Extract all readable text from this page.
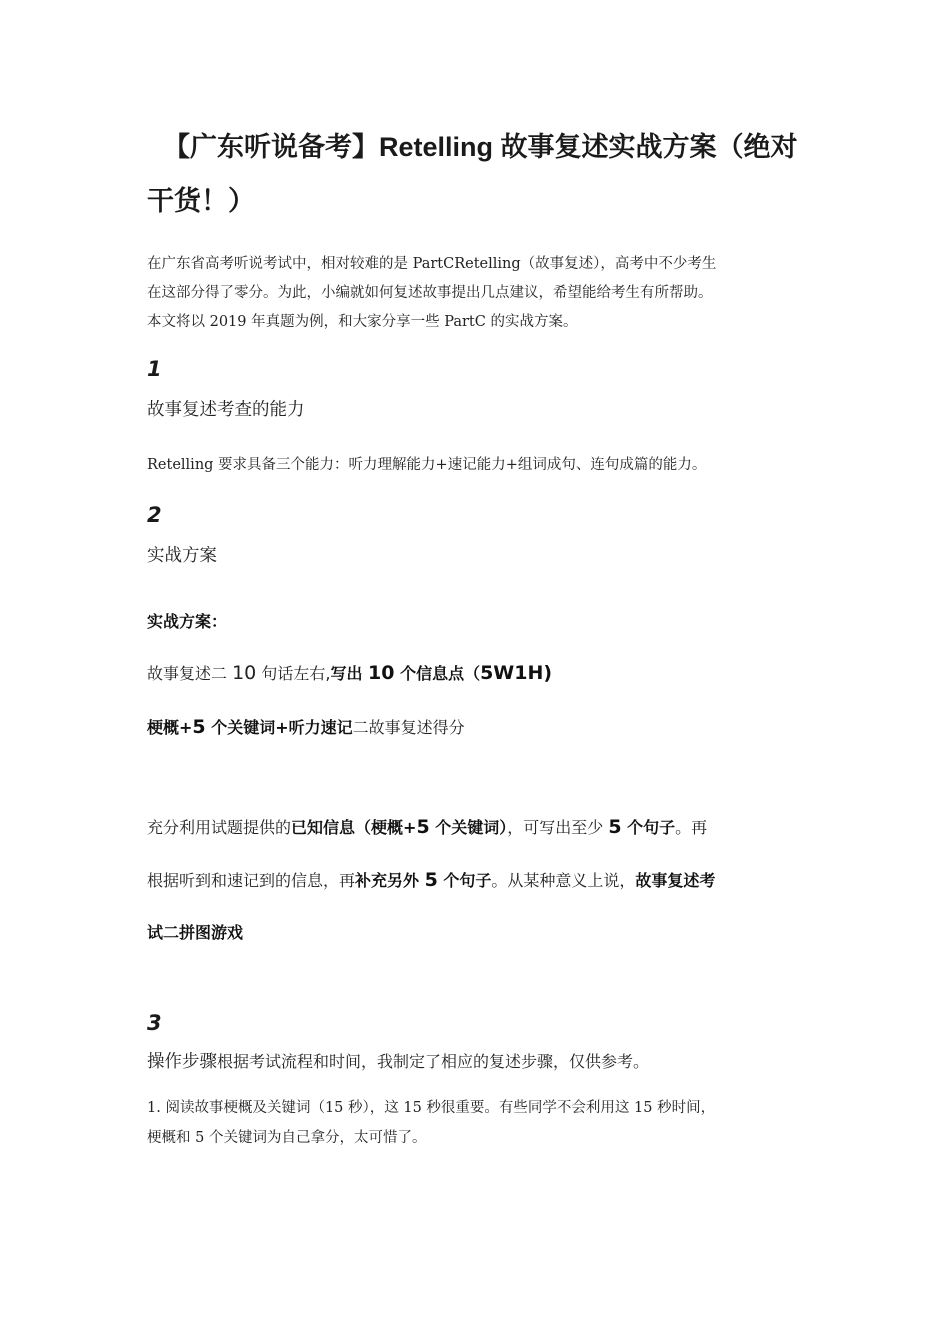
【广东听说备考】Retelling 故事复述实战方案（绝对
干货！）
在广东省高考听说考试中，相对较难的是 PartCRetelling（故事复述），高考中不少考生
在这部分得了零分。为此，小编就如何复述故事提出几点建议，希望能给考生有所帮助。
本文将以 2019 年真题为例，和大家分享一些 PartC 的实战方案。
1
故事复述考查的能力
Retelling 要求具备三个能力：听力理解能力+速记能力+组词成句、连句成篇的能力。
2
实战方案
实战方案：
故事复述二 10 句话左右,写出 10 个信息点（5W1H)
梗概+5 个关键词+听力速记二故事复述得分
充分利用试题提供的已知信息（梗概+5 个关键词），可写出至少 5 个句子。再
根据听到和速记到的信息，再补充另外 5 个句子。从某种意义上说，故事复述考
试二拼图游戏
3
操作步骤根据考试流程和时间，我制定了相应的复述步骤，仅供参考。
1. 阅读故事梗概及关键词（15 秒），这 15 秒很重要。有些同学不会利用这 15 秒时间，
梗概和 5 个关键词为自己拿分，太可惜了。
